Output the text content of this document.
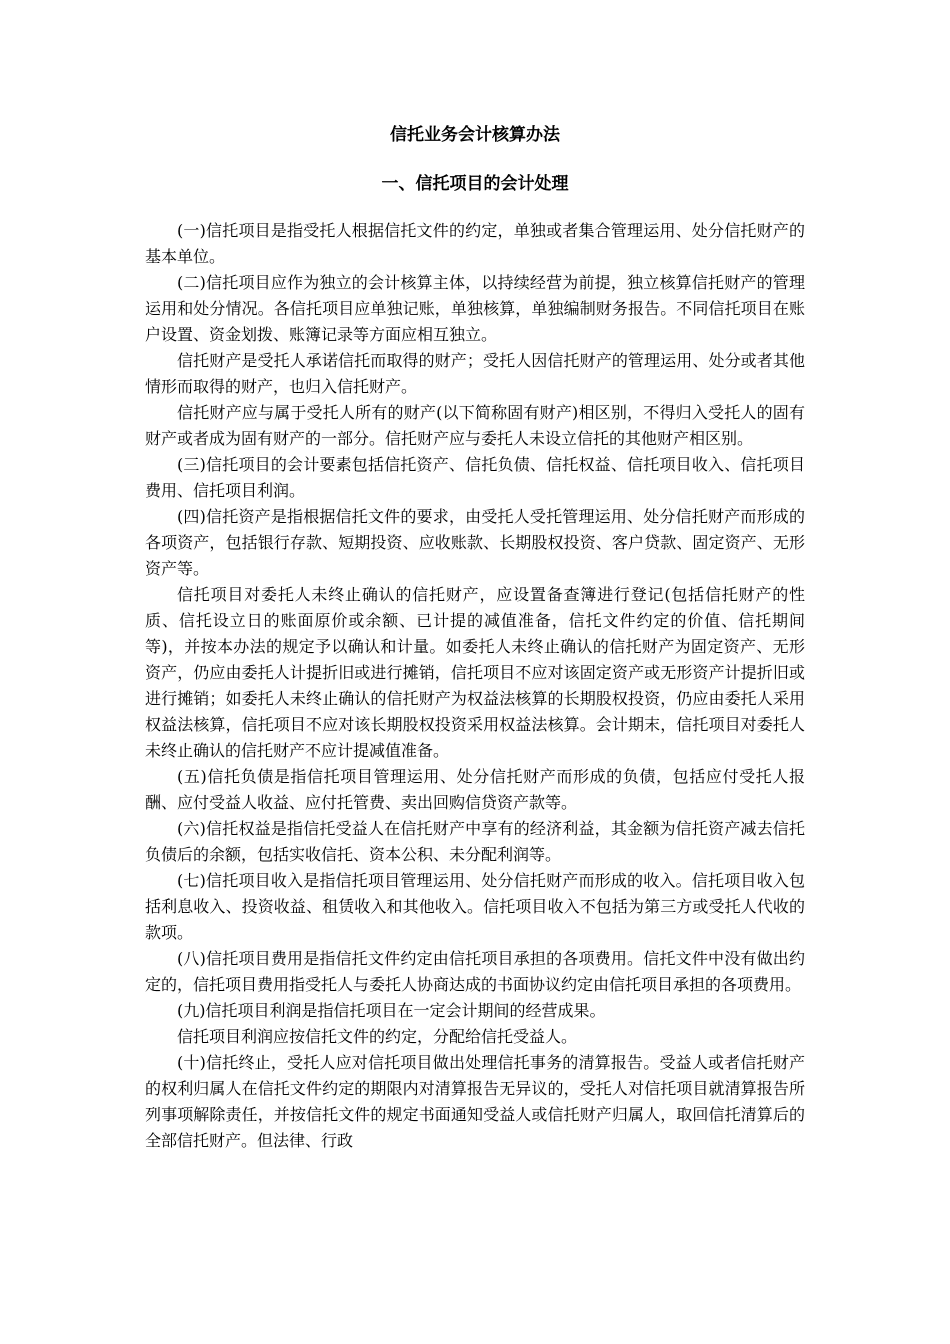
信托业务会计核算办法
一、信托项目的会计处理

(一)信托项目是指受托人根据信托文件的约定，单独或者集合管理运用、处分信托财产的基本单位。

(二)信托项目应作为独立的会计核算主体，以持续经营为前提，独立核算信托财产的管理运用和处分情况。各信托项目应单独记账，单独核算，单独编制财务报告。不同信托项目在账户设置、资金划拨、账簿记录等方面应相互独立。

信托财产是受托人承诺信托而取得的财产；受托人因信托财产的管理运用、处分或者其他情形而取得的财产，也归入信托财产。

信托财产应与属于受托人所有的财产(以下简称固有财产)相区别，不得归入受托人的固有财产或者成为固有财产的一部分。信托财产应与委托人未设立信托的其他财产相区别。

(三)信托项目的会计要素包括信托资产、信托负债、信托权益、信托项目收入、信托项目费用、信托项目利润。

(四)信托资产是指根据信托文件的要求，由受托人受托管理运用、处分信托财产而形成的各项资产，包括银行存款、短期投资、应收账款、长期股权投资、客户贷款、固定资产、无形资产等。

信托项目对委托人未终止确认的信托财产，应设置备查簿进行登记(包括信托财产的性质、信托设立日的账面原价或余额、已计提的减值准备，信托文件约定的价值、信托期间等)，并按本办法的规定予以确认和计量。如委托人未终止确认的信托财产为固定资产、无形资产，仍应由委托人计提折旧或进行摊销，信托项目不应对该固定资产或无形资产计提折旧或进行摊销；如委托人未终止确认的信托财产为权益法核算的长期股权投资，仍应由委托人采用权益法核算，信托项目不应对该长期股权投资采用权益法核算。会计期末，信托项目对委托人未终止确认的信托财产不应计提减值准备。

(五)信托负债是指信托项目管理运用、处分信托财产而形成的负债，包括应付受托人报酬、应付受益人收益、应付托管费、卖出回购信贷资产款等。

(六)信托权益是指信托受益人在信托财产中享有的经济利益，其金额为信托资产减去信托负债后的余额，包括实收信托、资本公积、未分配利润等。

(七)信托项目收入是指信托项目管理运用、处分信托财产而形成的收入。信托项目收入包括利息收入、投资收益、租赁收入和其他收入。信托项目收入不包括为第三方或受托人代收的款项。

(八)信托项目费用是指信托文件约定由信托项目承担的各项费用。信托文件中没有做出约定的，信托项目费用指受托人与委托人协商达成的书面协议约定由信托项目承担的各项费用。

(九)信托项目利润是指信托项目在一定会计期间的经营成果。

信托项目利润应按信托文件的约定，分配给信托受益人。

(十)信托终止，受托人应对信托项目做出处理信托事务的清算报告。受益人或者信托财产的权利归属人在信托文件约定的期限内对清算报告无异议的，受托人对信托项目就清算报告所列事项解除责任，并按信托文件的规定书面通知受益人或信托财产归属人，取回信托清算后的全部信托财产。但法律、行政
